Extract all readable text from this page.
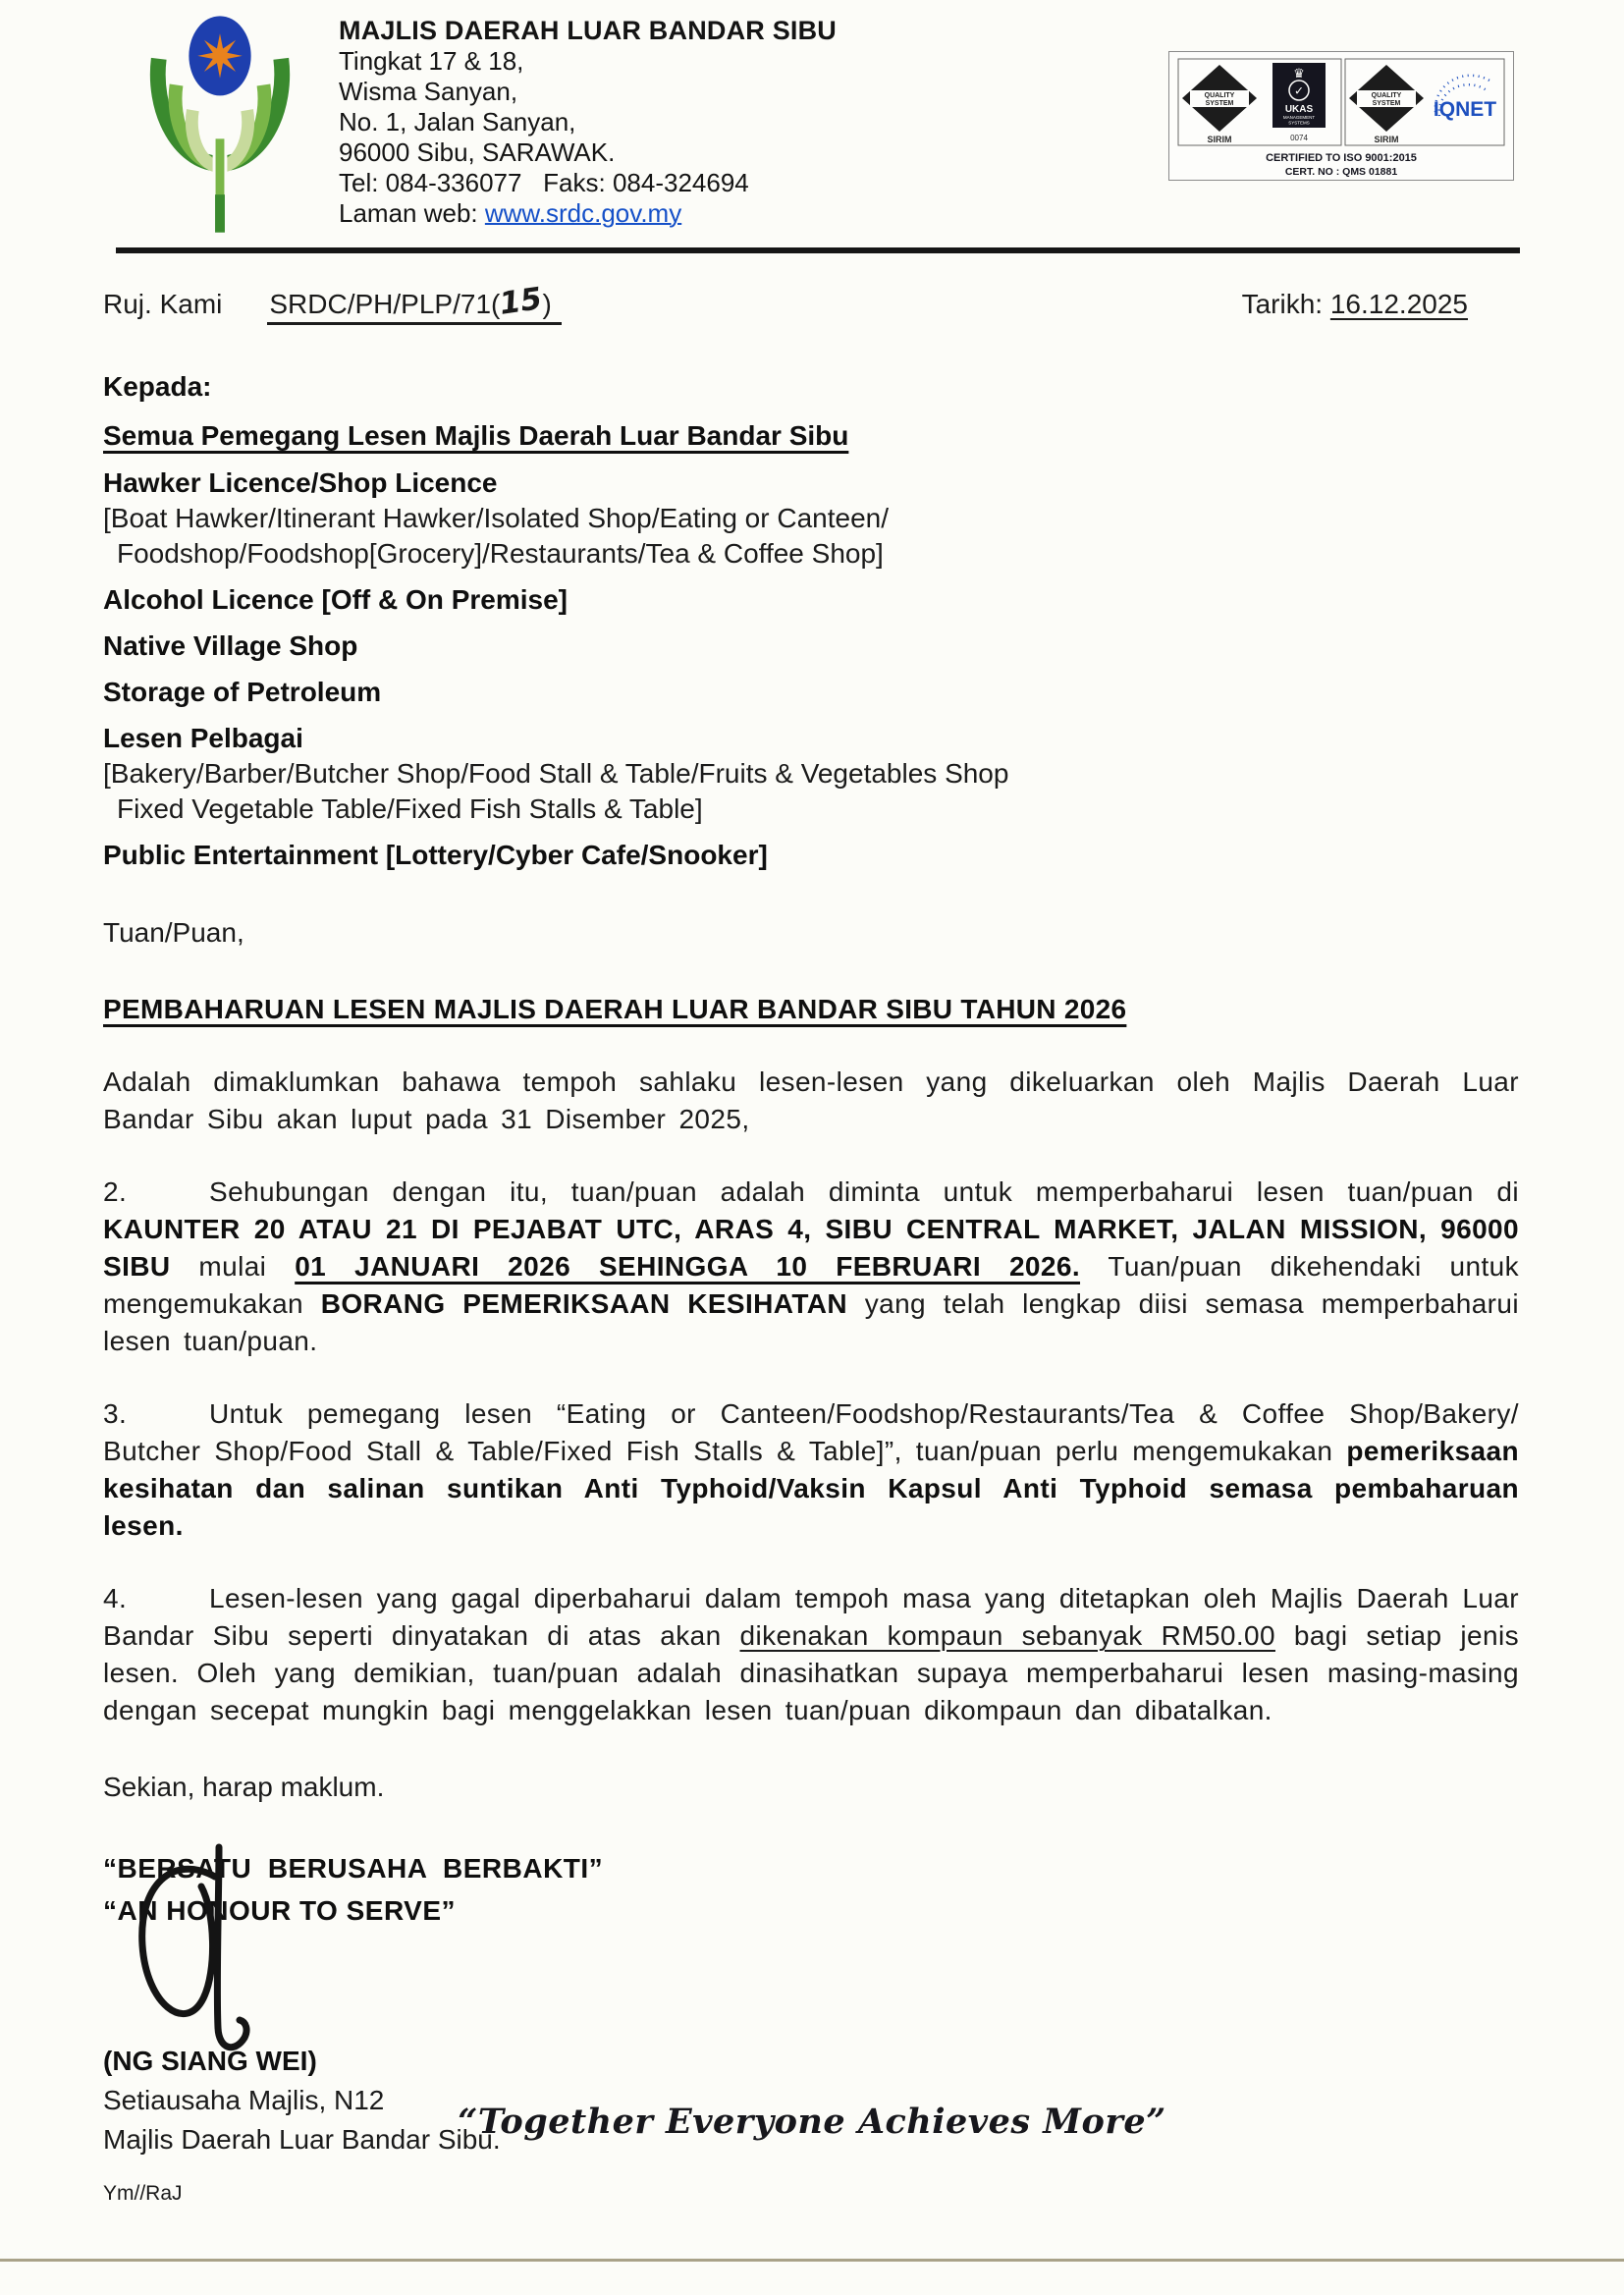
MAJLIS DAERAH LUAR BANDAR SIBU
Tingkat 17 & 18,
Wisma Sanyan,
No. 1, Jalan Sanyan,
96000 Sibu, SARAWAK.
Tel: 084-336077   Faks: 084-324694
Laman web: www.srdc.gov.my
QUALITY
SYSTEM
SIRIM
♛
✓
UKAS
MANAGEMENT
SYSTEMS
0074
QUALITY
SYSTEM
SIRIM
IQNET
CERTIFIED TO ISO 9001:2015
CERT. NO : QMS 01881
Ruj. Kami SRDC/PH/PLP/71(15)	Tarikh: 16.12.2025
Kepada:
Semua Pemegang Lesen Majlis Daerah Luar Bandar Sibu
Hawker Licence/Shop Licence
[Boat Hawker/Itinerant Hawker/Isolated Shop/Eating or Canteen/
Foodshop/Foodshop[Grocery]/Restaurants/Tea & Coffee Shop]
Alcohol Licence [Off & On Premise]
Native Village Shop
Storage of Petroleum
Lesen Pelbagai
[Bakery/Barber/Butcher Shop/Food Stall & Table/Fruits & Vegetables Shop
Fixed Vegetable Table/Fixed Fish Stalls & Table]
Public Entertainment [Lottery/Cyber Cafe/Snooker]
Tuan/Puan,
PEMBAHARUAN LESEN MAJLIS DAERAH LUAR BANDAR SIBU TAHUN 2026

Adalah dimaklumkan bahawa tempoh sahlaku lesen-lesen yang dikeluarkan oleh Majlis Daerah Luar Bandar Sibu akan luput pada 31 Disember 2025,

2.	Sehubungan dengan itu, tuan/puan adalah diminta untuk memperbaharui lesen tuan/puan di KAUNTER 20 ATAU 21 DI PEJABAT UTC, ARAS 4, SIBU CENTRAL MARKET, JALAN MISSION, 96000 SIBU mulai 01 JANUARI 2026 SEHINGGA 10 FEBRUARI 2026. Tuan/puan dikehendaki untuk mengemukakan BORANG PEMERIKSAAN KESIHATAN yang telah lengkap diisi semasa memperbaharui lesen tuan/puan.

3.	Untuk pemegang lesen “Eating or Canteen/Foodshop/Restaurants/Tea & Coffee Shop/Bakery/ Butcher Shop/Food Stall & Table/Fixed Fish Stalls & Table]”, tuan/puan perlu mengemukakan pemeriksaan kesihatan dan salinan suntikan Anti Typhoid/Vaksin Kapsul Anti Typhoid semasa pembaharuan lesen.

4.	Lesen-lesen yang gagal diperbaharui dalam tempoh masa yang ditetapkan oleh Majlis Daerah Luar Bandar Sibu seperti dinyatakan di atas akan dikenakan kompaun sebanyak RM50.00 bagi setiap jenis lesen. Oleh yang demikian, tuan/puan adalah dinasihatkan supaya memperbaharui lesen masing-masing dengan secepat mungkin bagi menggelakkan lesen tuan/puan dikompaun dan dibatalkan.

Sekian, harap maklum.
“BERSATU  BERUSAHA  BERBAKTI”
“AN HONOUR TO SERVE”
(NG SIANG WEI)
Setiausaha Majlis, N12
Majlis Daerah Luar Bandar Sibu.
Ym//RaJ
“Together Everyone Achieves More”
